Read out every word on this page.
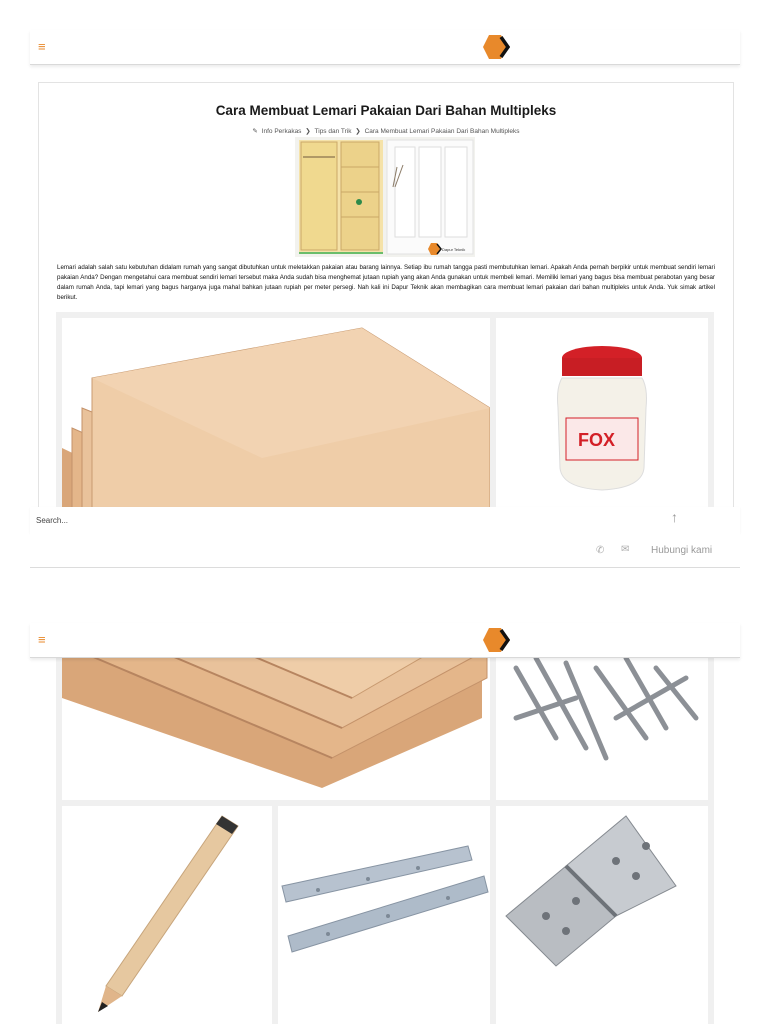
≡
Cara Membuat Lemari Pakaian Dari Bahan Multipleks
✎ Info Perkakas ❯ Tips dan Trik ❯ Cara Membuat Lemari Pakaian Dari Bahan Multipleks
Dapur Teknik

Lemari adalah salah satu kebutuhan didalam rumah yang sangat dibutuhkan untuk meletakkan pakaian atau barang lainnya. Setiap ibu rumah tangga pasti membutuhkan lemari. Apakah Anda pernah berpikir untuk membuat sendiri lemari pakaian Anda? Dengan mengetahui cara membuat sendiri lemari tersebut maka Anda sudah bisa menghemat jutaan rupiah yang akan Anda gunakan untuk membeli lemari. Memiliki lemari yang bagus bisa membuat perabotan yang besar dalam rumah Anda, tapi lemari yang bagus harganya juga mahal bahkan jutaan rupiah per meter persegi. Nah kali ini Dapur Teknik akan membagikan cara membuat lemari pakaian dari bahan multipleks untuk Anda. Yuk simak artikel berikut.

FOX
Search...
↑
✆ ✉ Hubungi kami
≡
